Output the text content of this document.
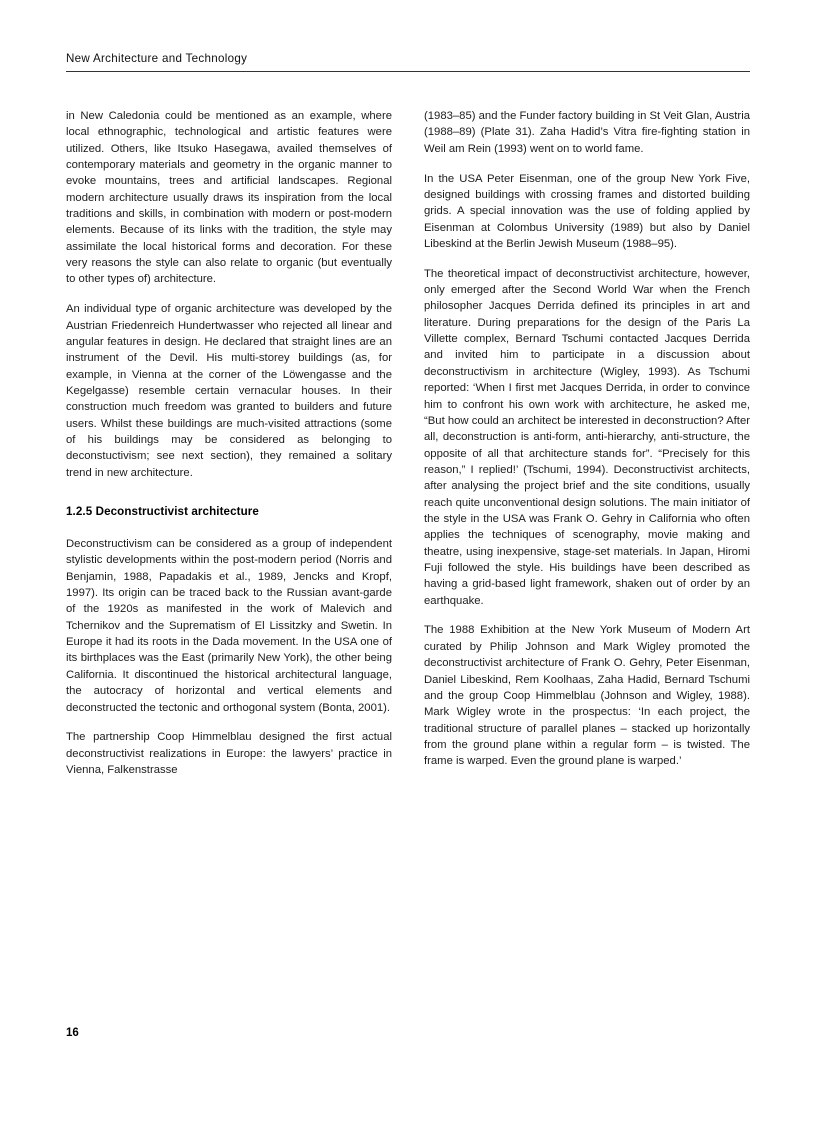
New Architecture and Technology

in New Caledonia could be mentioned as an example, where local ethnographic, technological and artistic features were utilized. Others, like Itsuko Hasegawa, availed themselves of contemporary materials and geometry in the organic manner to evoke mountains, trees and artificial landscapes. Regional modern architecture usually draws its inspiration from the local traditions and skills, in combination with modern or post-modern elements. Because of its links with the tradition, the style may assimilate the local historical forms and decoration. For these very reasons the style can also relate to organic (but eventually to other types of) architecture.

An individual type of organic architecture was developed by the Austrian Friedenreich Hundertwasser who rejected all linear and angular features in design. He declared that straight lines are an instrument of the Devil. His multi-storey buildings (as, for example, in Vienna at the corner of the Löwengasse and the Kegelgasse) resemble certain vernacular houses. In their construction much freedom was granted to builders and future users. Whilst these buildings are much-visited attractions (some of his buildings may be considered as belonging to deconstuctivism; see next section), they remained a solitary trend in new architecture.

1.2.5 Deconstructivist architecture

Deconstructivism can be considered as a group of independent stylistic developments within the post-modern period (Norris and Benjamin, 1988, Papadakis et al., 1989, Jencks and Kropf, 1997). Its origin can be traced back to the Russian avant-garde of the 1920s as manifested in the work of Malevich and Tchernikov and the Suprematism of El Lissitzky and Swetin. In Europe it had its roots in the Dada movement. In the USA one of its birthplaces was the East (primarily New York), the other being California. It discontinued the historical architectural language, the autocracy of horizontal and vertical elements and deconstructed the tectonic and orthogonal system (Bonta, 2001).

The partnership Coop Himmelblau designed the first actual deconstructivist realizations in Europe: the lawyers’ practice in Vienna, Falkenstrasse

(1983–85) and the Funder factory building in St Veit Glan, Austria (1988–89) (Plate 31). Zaha Hadid’s Vitra fire-fighting station in Weil am Rein (1993) went on to world fame.

In the USA Peter Eisenman, one of the group New York Five, designed buildings with crossing frames and distorted building grids. A special innovation was the use of folding applied by Eisenman at Colombus University (1989) but also by Daniel Libeskind at the Berlin Jewish Museum (1988–95).

The theoretical impact of deconstructivist architecture, however, only emerged after the Second World War when the French philosopher Jacques Derrida defined its principles in art and literature. During preparations for the design of the Paris La Villette complex, Bernard Tschumi contacted Jacques Derrida and invited him to participate in a discussion about deconstructivism in architecture (Wigley, 1993). As Tschumi reported: ‘When I first met Jacques Derrida, in order to convince him to confront his own work with architecture, he asked me, “But how could an architect be interested in deconstruction? After all, deconstruction is anti-form, anti-hierarchy, anti-structure, the opposite of all that architecture stands for”. “Precisely for this reason,” I replied!’ (Tschumi, 1994). Deconstructivist architects, after analysing the project brief and the site conditions, usually reach quite unconventional design solutions. The main initiator of the style in the USA was Frank O. Gehry in California who often applies the techniques of scenography, movie making and theatre, using inexpensive, stage-set materials. In Japan, Hiromi Fuji followed the style. His buildings have been described as having a grid-based light framework, shaken out of order by an earthquake.

The 1988 Exhibition at the New York Museum of Modern Art curated by Philip Johnson and Mark Wigley promoted the deconstructivist architecture of Frank O. Gehry, Peter Eisenman, Daniel Libeskind, Rem Koolhaas, Zaha Hadid, Bernard Tschumi and the group Coop Himmelblau (Johnson and Wigley, 1988). Mark Wigley wrote in the prospectus: ‘In each project, the traditional structure of parallel planes – stacked up horizontally from the ground plane within a regular form – is twisted. The frame is warped. Even the ground plane is warped.’

16
